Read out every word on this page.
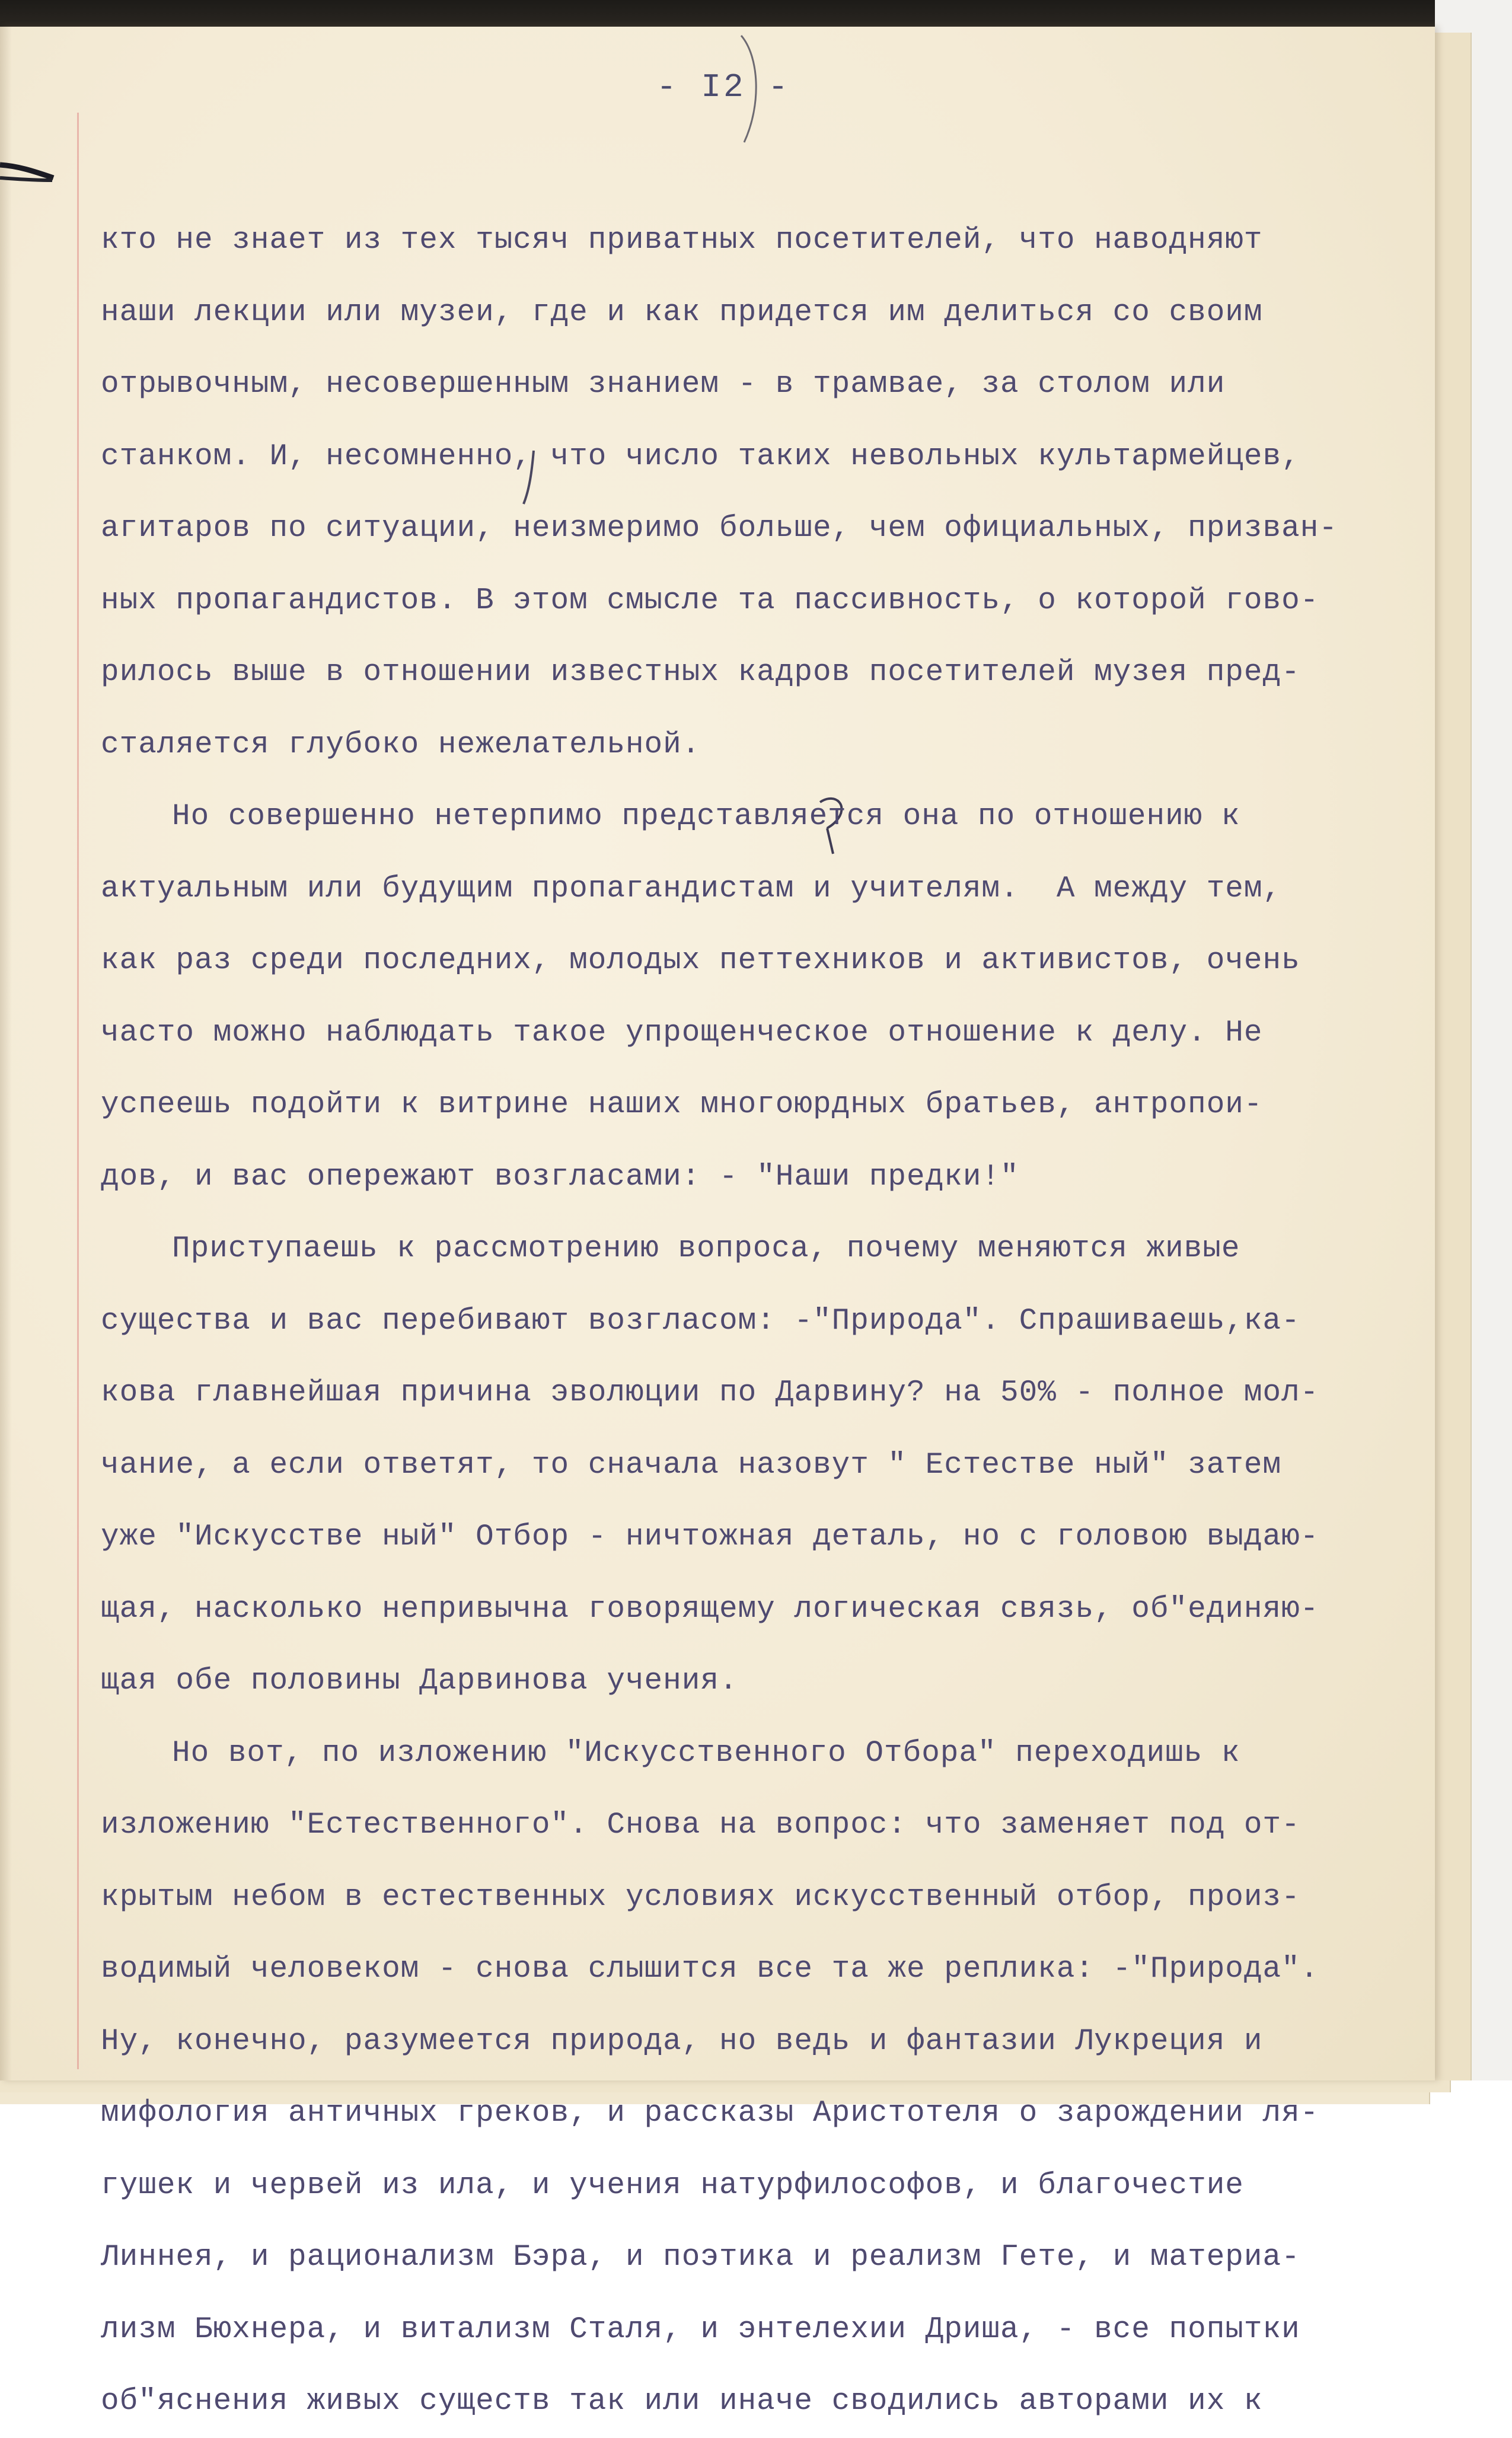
- I2 -
кто не знает из тех тысяч приватных посетителей, что наводняют
наши лекции или музеи, где и как придется им делиться со своим
отрывочным, несовершенным знанием - в трамвае, за столом или
станком. И, несомненно, что число таких невольных культармейцев,
агитаров по ситуации, неизмеримо больше, чем официальных, призван-
ных пропагандистов. В этом смысле та пассивность, о которой гово-
рилось выше в отношении известных кадров посетителей музея пред-
сталяется глубоко нежелательной.
Но совершенно нетерпимо представляется она по отношению к
актуальным или будущим пропагандистам и учителям.  А между тем,
как раз среди последних, молодых петтехников и активистов, очень
часто можно наблюдать такое упрощенческое отношение к делу. Не
успеешь подойти к витрине наших многоюрдных братьев, антропои-
дов, и вас опережают возгласами: - "Наши предки!"
Приступаешь к рассмотрению вопроса, почему меняются живые
существа и вас перебивают возгласом: -"Природа". Спрашиваешь,ка-
кова главнейшая причина эволюции по Дарвину? на 50% - полное мол-
чание, а если ответят, то сначала назовут " Естестве ный" затем
уже "Искусстве ный" Отбор - ничтожная деталь, но с головою выдаю-
щая, насколько непривычна говорящему логическая связь, об"единяю-
щая обе половины Дарвинова учения.
Но вот, по изложению "Искусственного Отбора" переходишь к
изложению "Естественного". Снова на вопрос: что заменяет под от-
крытым небом в естественных условиях искусственный отбор, произ-
водимый человеком - снова слышится все та же реплика: -"Природа".
Ну, конечно, разумеется природа, но ведь и фантазии Лукреция и
мифология античных греков, и рассказы Аристотеля о зарождении ля-
гушек и червей из ила, и учения натурфилософов, и благочестие
Линнея, и рационализм Бэра, и поэтика и реализм Гете, и материа-
лизм Бюхнера, и витализм Сталя, и энтелехии Дриша, - все попытки
об"яснения живых существ так или иначе сводились авторами их к
